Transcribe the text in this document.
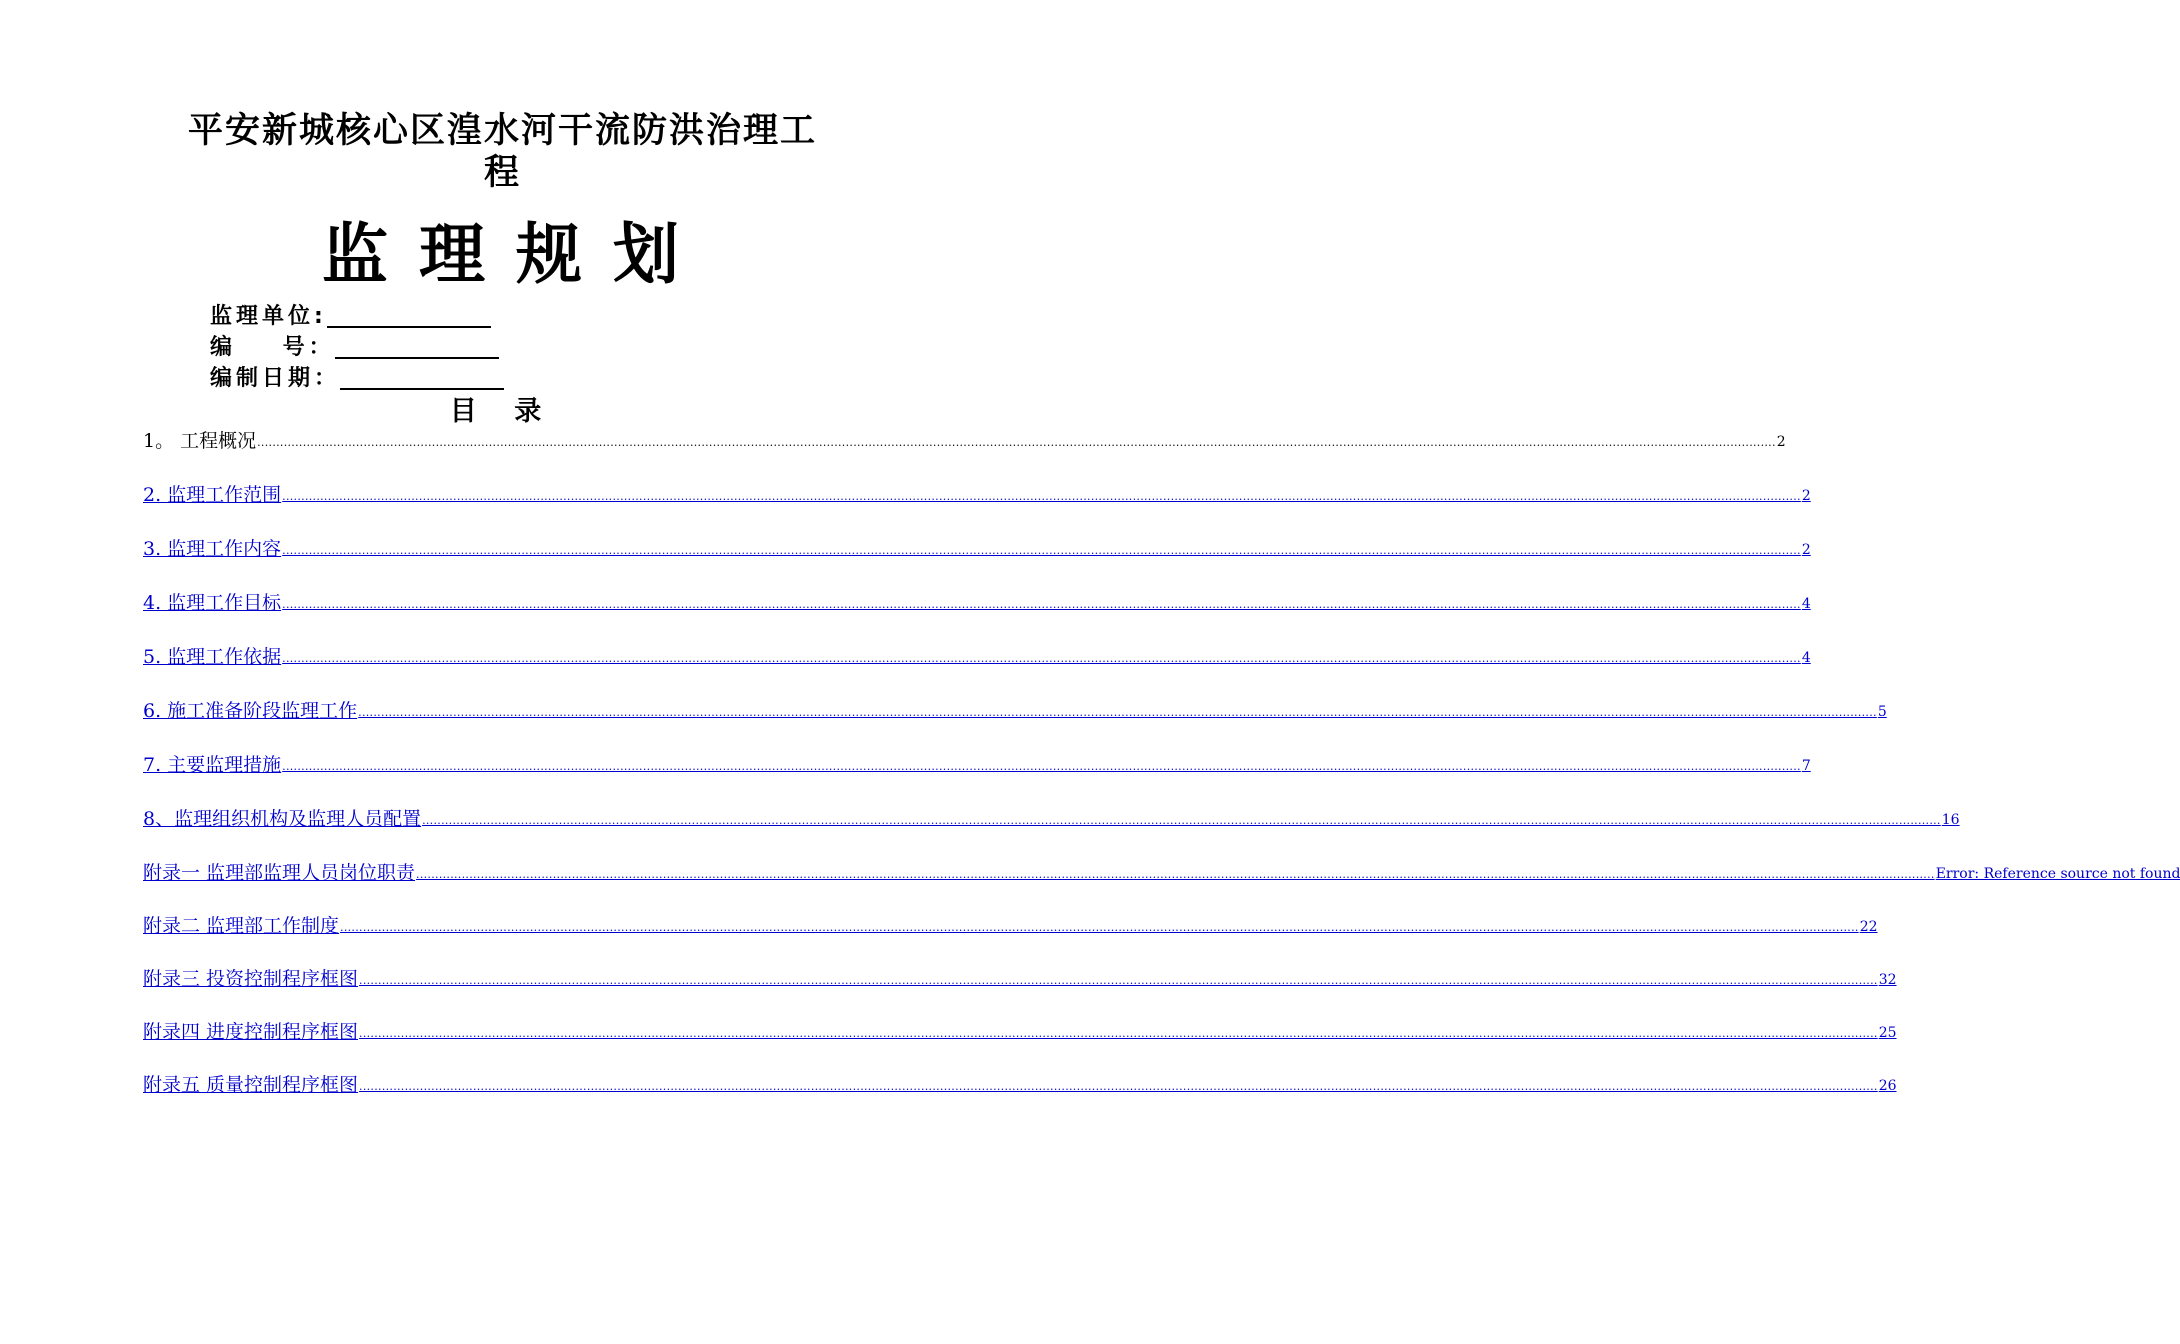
平安新城核心区湟水河干流防洪治理工
程
监 理 规 划
监理单位:
编    号：
编制日期：
目 录
1。 工程概况 ................................................................................................................................................................................................................................................................................................................................................................................................................ 2
2. 监理工作范围 ................................................................................................................................................................................................................................................................................................................................................................................................................ 2
3. 监理工作内容 ................................................................................................................................................................................................................................................................................................................................................................................................................ 2
4. 监理工作目标 ................................................................................................................................................................................................................................................................................................................................................................................................................ 4
5. 监理工作依据 ................................................................................................................................................................................................................................................................................................................................................................................................................ 4
6. 施工准备阶段监理工作 ................................................................................................................................................................................................................................................................................................................................................................................................................ 5
7. 主要监理措施 ................................................................................................................................................................................................................................................................................................................................................................................................................ 7
8、监理组织机构及监理人员配置 ................................................................................................................................................................................................................................................................................................................................................................................................................ 16
附录一 监理部监理人员岗位职责 ................................................................................................................................................................................................................................................................................................................................................................................................................ Error: Reference source not found
附录二 监理部工作制度 ................................................................................................................................................................................................................................................................................................................................................................................................................ 22
附录三 投资控制程序框图 ................................................................................................................................................................................................................................................................................................................................................................................................................ 32
附录四 进度控制程序框图 ................................................................................................................................................................................................................................................................................................................................................................................................................ 25
附录五 质量控制程序框图 ................................................................................................................................................................................................................................................................................................................................................................................................................ 26
